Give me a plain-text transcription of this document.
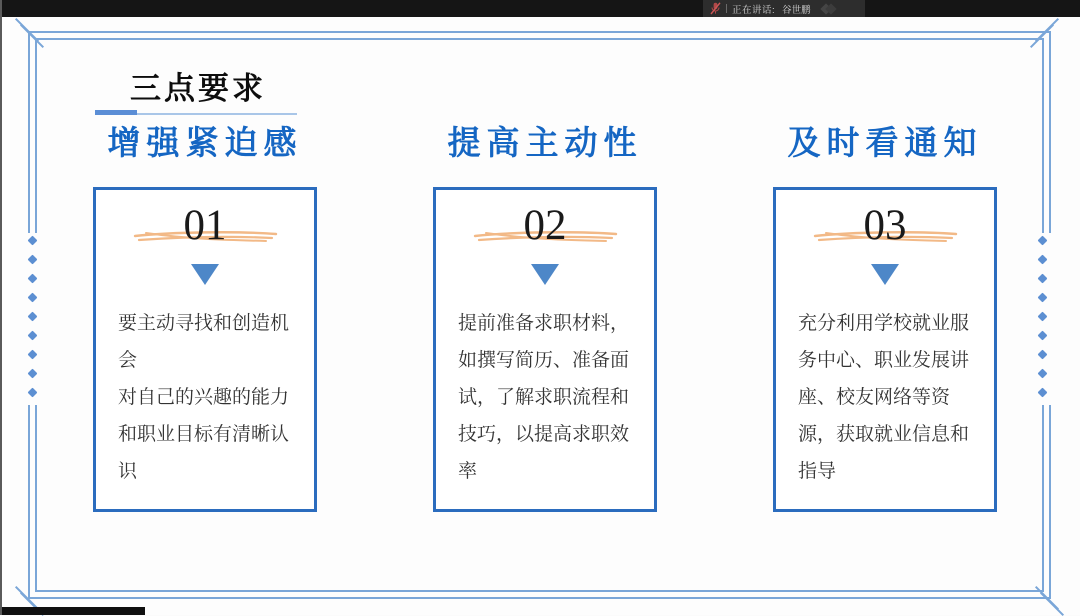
正在讲话: 谷世鹏
三点要求
增强紧迫感
01

要主动寻找和创造机会

对自己的兴趣的能力和职业目标有清晰认识

提高主动性
02

提前准备求职材料，如撰写简历、准备面试，了解求职流程和技巧，以提高求职效率

及时看通知
03

充分利用学校就业服务中心、职业发展讲座、校友网络等资源，获取就业信息和指导
